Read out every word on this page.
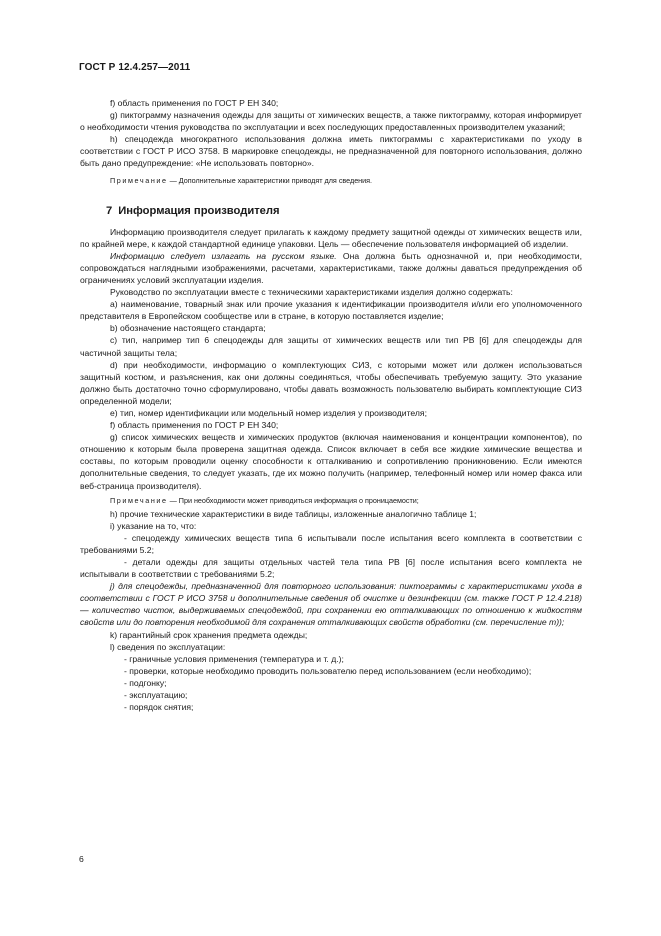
ГОСТ Р 12.4.257—2011

f) область применения по ГОСТ Р ЕН 340;

g) пиктограмму назначения одежды для защиты от химических веществ, а также пиктограмму, которая информирует о необходимости чтения руководства по эксплуатации и всех последующих предоставленных производителем указаний;

h) спецодежда многократного использования должна иметь пиктограммы с характеристиками по уходу в соответствии с ГОСТ Р ИСО 3758. В маркировке спецодежды, не предназначенной для повторного использования, должно быть дано предупреждение: «Не использовать повторно».

Примечание — Дополнительные характеристики приводят для сведения.

7 Информация производителя

Информацию производителя следует прилагать к каждому предмету защитной одежды от химических веществ или, по крайней мере, к каждой стандартной единице упаковки. Цель — обеспечение пользователя информацией об изделии.

Информацию следует излагать на русском языке. Она должна быть однозначной и, при необходимости, сопровождаться наглядными изображениями, расчетами, характеристиками, также должны даваться предупреждения об ограничениях условий эксплуатации изделия.

Руководство по эксплуатации вместе с техническими характеристиками изделия должно содержать:

a) наименование, товарный знак или прочие указания к идентификации производителя и/или его уполномоченного представителя в Европейском сообществе или в стране, в которую поставляется изделие;

b) обозначение настоящего стандарта;

c) тип, например тип 6 спецодежды для защиты от химических веществ или тип PB [6] для спецодежды для частичной защиты тела;

d) при необходимости, информацию о комплектующих СИЗ, с которыми может или должен использоваться защитный костюм, и разъяснения, как они должны соединяться, чтобы обеспечивать требуемую защиту. Это указание должно быть достаточно точно сформулировано, чтобы давать возможность пользователю выбирать комплектующие СИЗ определенной модели;

e) тип, номер идентификации или модельный номер изделия у производителя;

f) область применения по ГОСТ Р ЕН 340;

g) список химических веществ и химических продуктов (включая наименования и концентрации компонентов), по отношению к которым была проверена защитная одежда. Список включает в себя все жидкие химические вещества и составы, по которым проводили оценку способности к отталкиванию и сопротивлению проникновению. Если имеются дополнительные сведения, то следует указать, где их можно получить (например, телефонный номер или номер факса или веб-страница производителя).

Примечание — При необходимости может приводиться информация о проницаемости;

h) прочие технические характеристики в виде таблицы, изложенные аналогично таблице 1;

i) указание на то, что:

- спецодежду химических веществ типа 6 испытывали после испытания всего комплекта в соответствии с требованиями 5.2;

- детали одежды для защиты отдельных частей тела типа PB [6] после испытания всего комплекта не испытывали в соответствии с требованиями 5.2;

j) для спецодежды, предназначенной для повторного использования: пиктограммы с характеристиками ухода в соответствии с ГОСТ Р ИСО 3758 и дополнительные сведения об очистке и дезинфекции (см. также ГОСТ Р 12.4.218) — количество чисток, выдерживаемых спецодеждой, при сохранении ею отталкивающих по отношению к жидкостям свойств или до повторения необходимой для сохранения отталкивающих свойств обработки (см. перечисление m));

k) гарантийный срок хранения предмета одежды;

l) сведения по эксплуатации:

- граничные условия применения (температура и т. д.);

- проверки, которые необходимо проводить пользователю перед использованием (если необходимо);

- подгонку;

- эксплуатацию;

- порядок снятия;

6
